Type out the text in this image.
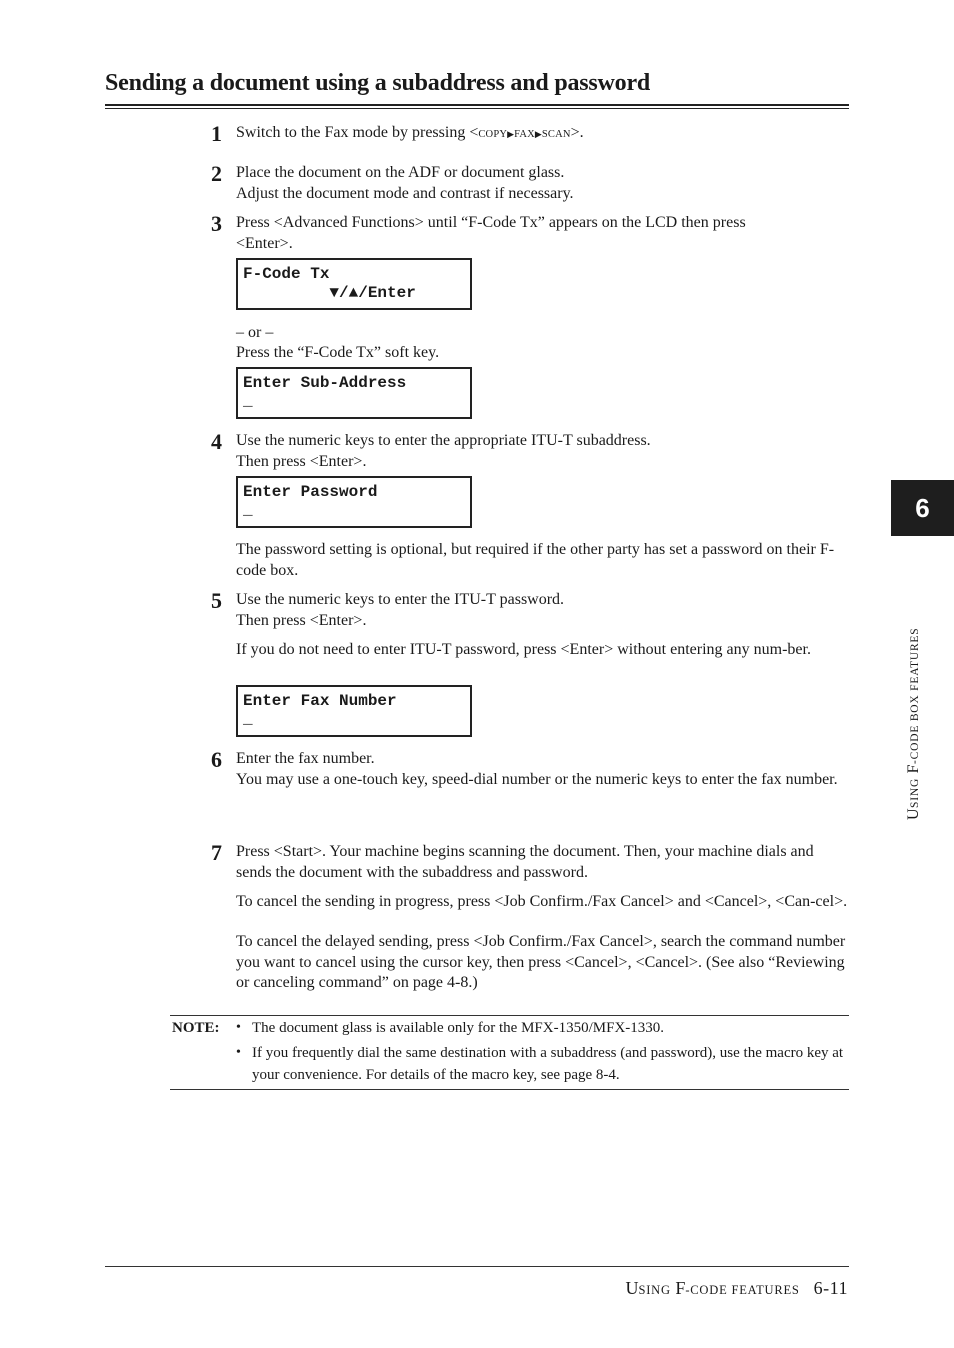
Sending a document using a subaddress and password
1 Switch to the Fax mode by pressing <COPY▶FAX▶SCAN>.
2 Place the document on the ADF or document glass.
Adjust the document mode and contrast if necessary.
3 Press <Advanced Functions> until “F-Code Tx” appears on the LCD then press <Enter>.
F-Code Tx
▼/▲/Enter
– or –
Press the “F-Code Tx” soft key.
Enter Sub-Address
_
4 Use the numeric keys to enter the appropriate ITU-T subaddress.
Then press <Enter>.
Enter Password
_
The password setting is optional, but required if the other party has set a password on their F-code box.
5 Use the numeric keys to enter the ITU-T password.
Then press <Enter>.
If you do not need to enter ITU-T password, press <Enter> without entering any num-ber.
Enter Fax Number
_
6 Enter the fax number.
You may use a one-touch key, speed-dial number or the numeric keys to enter the fax number.
7 Press <Start>. Your machine begins scanning the document. Then, your machine dials and sends the document with the subaddress and password.
To cancel the sending in progress, press <Job Confirm./Fax Cancel> and <Cancel>, <Can-cel>.
To cancel the delayed sending, press <Job Confirm./Fax Cancel>, search the command number you want to cancel using the cursor key, then press <Cancel>, <Cancel>. (See also “Reviewing or canceling command” on page 4-8.)
NOTE: • The document glass is available only for the MFX-1350/MFX-1330.
• If you frequently dial the same destination with a subaddress (and password), use the macro key at your convenience. For details of the macro key, see page 8-4.
6
USING F-CODE BOX FEATURES
USING F-CODE FEATURES 6-11
